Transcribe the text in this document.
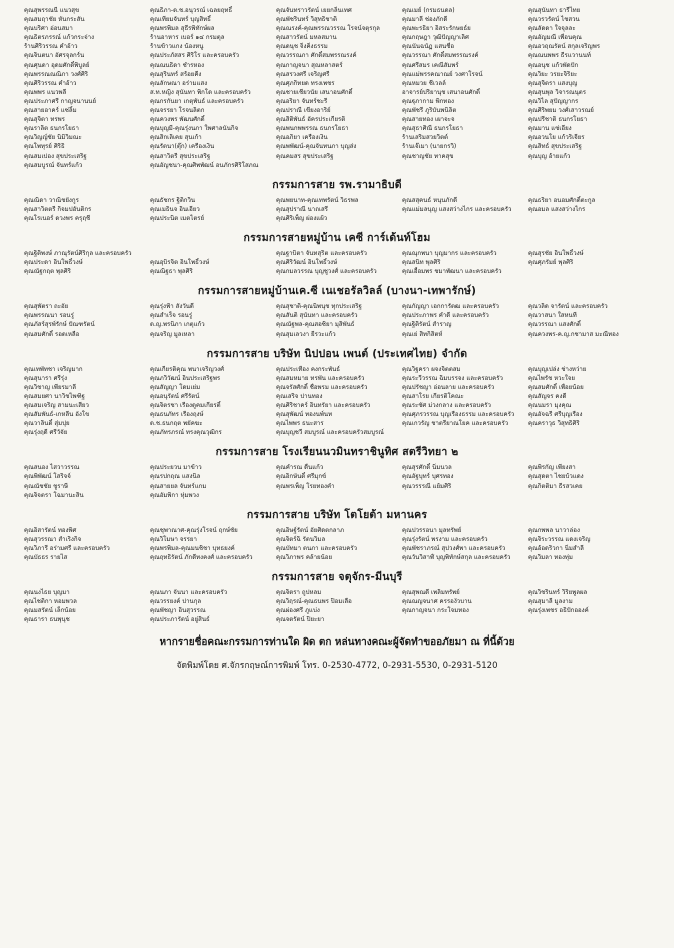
คุณสุพรรณนี แนวสุข	คุณธิภา-ด.ช.อนุวรณ์ เฉลยฤทธิ์	คุณจันทราวรัตน์ เยยกลิ่นเทศ	คุณเมย์ (กรมธนดล)	คุณสุนันทา ธารีไทย
คุณสมฤาชัย หันกระสัน	คุณเทียมจันทร์ บุญสิทธิ์	คุณพัชรินทร์ วิสุทธิชาติ	คุณมาลี ช่องภักดี	คุณวรวรัตน์ ไชสวน
คุณบริศา อ่อนสมา	คุณพรพิมล สุธีรพิทักษ์ผล	คุณณรงค์-คุณพรรณวรรณ โรจน์จตุรกุล	คุณพะรธิยา อิสระรักษยธ์ย	คุณลัดดา ใจจุลละ
คุณธิตรภรรณ์ แก้วกระจ่าง	ร้านอาหาร เบอร์ ๑๔ กรมตุล	คุณสาวรัตน์ มหลสมาน	คุณกฤษฎา วุฒิปัญญาเลิศ	คุณอัญมณี เพื่อนคุณ
ร้านศิริวรรณ คำอ้าว	ร้านข้าวแกง น้องหนู	คุณดนุช จิ๋งคิ่งธรรม	คุณนันฉนัฏ แสนชื่อ	คุณอวฤณรัตน์ สกุลเจริญพร
คุณจินตนา อัศรจุลกร์น	คุณประภัสสร ศิริโร และครอบครัว	คุณวรรณภา ศักดิ์สมพรรณรงค์	คุณวรรณา ศักดิ์สมพรรณรงค์	คุณณนพพร ธีรแวานนท์
คุณศุนดา อุดมศักดิ์พิบูลย์	คุณณนธิดา ชำรหอง	คุณกาญจนา สุณหลาสตร์	คุณศรีสมร เคณีสัมพร์	คุณอนุช แก้วพัดปัก
คุณพรรณณณิภา วงศ์ศิริ	คุณสุรินทร์ สร้อยคีง	คุณสรวงศรี เจริญศรี	คุณแม่พรรคณาณย์ วงศาโรจน์	คุณวิยะ วรยะจิริยะ
คุณศิริวรรณ คำอ้าว	คุณลักษณา อร่ามแสง	คุณศุภกิทยด ทรงเพชร	คุณหมวย ชีเวลล์	คุณสุจิตรา แสงบุญ
คุณพพร แนวพลี	ส.ท.หญิง สุนันทา พิกโด และครอบครัว	คุณชายเชียวนัย เสนาอนศักดิ์	อาจารย์ปริยานุช เสนาอนศักดิ์	คุณสุนพุล วิจารณนุตร
คุณประภาศรี กาญจนานนย์	คุณกรกันยา เกตุพันธ์ และครอบครัว	คุณอริยา จันทร์ชะรี	คุณฐุภากาม พิกทอง	คุณวิไล สุปัญญากร
คุณสายอาคร์ แซ่ลิ้ม	คุณจรรยา โรจนลิตก	คุณปราณี เขียงอาริย์	คุณพัชรี ภูริบันพนิลิต	คุณศิริพยม วงศ์เสาวรณย์
คุณสุจิตา ทรพร	คุณควงพร พัฒนศักดิ์	คุณสิติพันธ์ อัครประเกียรติ	คุณสายทอง เผาจะจ	คุณปรีชาติ ธนกรโยธา
คุณราลิต ธนกรโยธา	คุณบุญมี-คุณรุ่งนภา ใพศาลนันกิจ	คุณพนกพพรรณ ธนกรโยธา	คุณสุธาศิณี ธนกรโยธา	คุณมาน แซ่เอียง
คุณวิญญ์ชัย นิมิวิมณะ	คุณสิกเลิเคย สุนเก้า	คุณอภิยา เครืองเงิน	ร้านเสริมสวยวิตต์	คุณอวนโย แก้วริเจียร
คุณโพทุรย์ ศิริธิ	คุณรัตนา(ตุ๊ก) เครืองเงิน	คุณพพัฒน์-คุณจันทนภา บุญส่ง	ร้านเจ๊เมา (นายกรวิ)	คุณสิทธ์ สุขประเสริฐ
คุณสมเปอง สุขประเสริฐ	คุณสาวิตรี สุขประเสริฐ	คุณคมสร สุขประเสริฐ	คุณชาญชัย ทาคสุข	คุณบุญ อ้ายแก้ว
คุณสมบูรณ์ จันทร์แก้ว	คุณอัญชนา-คุณศิพพัฒน์ อนภักรศิริโสภณ
กรรมการสาย รพ.รามาธิบดี
คุณณิดา วาณิชยังกูร	คุณธัชกร ฐิติกวิน	คุณพยนาท-คุณเทพรัตน์ วิธรพล	คุณสสุคนธ์ หนุนภักดี	คุณธริยา อนอมศักดิ์ตะกูล
คุณสาวิตตรี กิจมปอันติกร	คุณเมธินจ อินเอียว	คุณสุปราณี นาถเสรี	คุณแม่มลนุญ แสงสว่างไกร และครอบครัว	คุณอมล แสงสว่างไกร
คุณโรเนอร์ ดวงพร ครุฤชี	คุณประนิต เมตไตรย์	คุณศิริเพ็ญ ผ่องแผ้ว
กรรมการสายหมู่บ้าน เคซี การ์เด้นท์โฮม
คุณฐิติพงษ์ ภาณุรัตน์ศิริกุล และครอบครัว	คุณฐาบิตา จันทสุริต และครอบครัว	คุณณุกพนา บุญมากร และครอบครัว	คุณสุรชัย อินโพธิ์วงษ์
คุณประดา อินโพธิ์วงษ์	คุณอุบิรจิต อินโพธิ์วงษ์	คุณศิริวัฒน์ อินโพธิ์วงษ์	คุณสนิท พุลศิริ	คุณศุภรัมย์ พุลศิริ
คุณณัฐกฤต พุลศิริ	คุณณิฐธา พุลศิริ	คุณกมลวรรณ บุญชูวงศ์ และครอบครัว	คุณเอื้อมพร ชมาพัฒนา และครอบครัว
กรรมการสายหมู่บ้านเค.ซี เนเชอรัลวิลล์ (บางนา-เทพารักษ์)
คุณสุพัตรา ถะอัย	คุณรุ่งฟ้า สังวันดี	คุณสุชาติ-คุณนิพนุช ทุกประเสริฐ	คุณกัญญา เอกการัตฒ และครอบครัว	คุณวลิด จารัตน์ และครอบครัว
คุณพรรณนา รอนรู่	คุณสำเร็จ รอนรู่	คุณสันติ สุนันทา และครอบครัว	คุณประภาพร คำดี และครอบครัว	คุณวาสนา ใสหนที
คุณภัสร์สุรพ์รักษ์ ปัณฑรัตน์	ด.ญ.พรนิภา เกตุแก้ว	คุณณัฐพล-คุณสอซิยา มุสิพันธ์	คุณฐิติรัตน์ สำราญ	คุณวรรณา แสงศักดิ์
คุณสมศักดิ์ รอดเหลือ	คุณจริญ มูลเหลา	คุณสุมเลวงา ยีรวะแก้ว	คุณเย่ สิทกิสิตห์	คุณควงพร-ค.ญ.กชามาส มะณีทอง
กรรมการสาย บริษัท นิปปอน เพนต์ (ประเทศไทย) จำกัด
คุณเทพัทชา เจริญมาก	คุณเกียรติคุณ พนาเจริญวงศ์	คุณประเทือง คงกระพันธ์	คุณวิฐครา ผจงจิตตสม	คุณบุญเปล่ง ช่างหว่าย
คุณสุนารา ศรีรุ่ง	คุณภวิวัฒน์ อินประเสริฐพร	คุณสมหมาย ทรพัน และครอบครัว	คุณระวีวรรณ ฉิมบรรจง และครอบครัว	คุณไพรัช หวะใจย
คุณวิชาญ เพียรมาลี	คุณสัญญา โดมเย่ม	คุณจรัสศักดิ์ ชื่อพรม และครอบครัว	คุณปรัชญา อ่อนลาย และครอบครัว	คุณสมศักดิ์ เพื่อยน้อย
คุณสมยศา นาวิชไพฑิฐ	คุณอนุรัตน์ ศรีรัตน์	คุณเสริจ ปานทอง	คุณสาโรย เกียรติโคณะ	คุณสัญจร คงดี
คุณสมเจริญ สามนะเสียว	คุณจิตรชา เรืองดูคมเกียรติ์	คุณศิริชาคร์ อินทรัยา และครอบครัว	คุณระชัศ ม่วงกลาง และครอบครัว	คุณนมรา มุงคุณ
คุณสัมพันธ์-เกหลีน อังโข	คุณธนภัทร เรืองฤงษ์	คุณสุพัฒน์ ทองนพ์นท	คุณศุภรวรรณ บุญเรืองธรรม และครอบครัว	คุณอัจฉรี ศรีบุญเรือง
คุณวาลินดิ์ สุ่มปุย	ด.ช.ธนกฤต พยัคฆะ	คุณไพพร ธนะสาร	คุณเกวรัญ ชาตรียาณโยค และครอบครัว	คุณคราวุธ วิสุทธิศิริ
คุณรุ่งฤดี ศรีวัจัย	คุณภัทรภรณ์ ทรงคุณวุฒิกร	คุณบุญชวี สมบูรณ์ และครอบครัวสมบูรณ์
กรรมการสาย โรงเรียนนวมินทราชินูทิศ สตรีวิทยา ๒
คุณสนอง ไสวาวรรณ	คุณประยวน มาข้าว	คุณคำรณ ดื่นแก้ว	คุณสุรศักดิ์ นิ่มนวล	คุณพิรกัญ เพียงสา
คุณพิพัฒน์ โสริจจ์	คุณรปกฤณ แสงนิล	คุณอิกษันดิ์ ศรีมุกข์	คุณอัฐบุทร์ บุศรทอง	คุณสุดตา ไชยบ้วแดง
คุณณัชชัย ชูราษี	คุณสายยล จันทร์แกม	คุณพรเพ็ญ โรยทองคำ	คุณวรรรณี แย้มศิริ	คุณกิตติมา ธีรสวเคย
คุณจิจตรา โฉมานะสิน	คุณอัมพิกา หุ่มพวง
กรรมการสาย บริษัท โตโยต้า มหานคร
คุณอิสารัตน์ ทองพิศ	คุณชุพาณาศ-คุณรุ่งโรจน์ ฤกษ์ชัย	คุณอิษฐ์รัตน์ อัยศิดตกลาภ	คุณปวรรอนา มุลทรัพย์	คุณกพพล นาวาล่อง
คุณสุวรรณา สำเริงกิจ	คุณวิโมษา จรรยา	คุณจิตร์ฉิ รัตนวิมล	คุณรุ่งรัตน์ พรงาม และครอบครัว	คุณจิระวรรณ แดงเจริญ
คุณวิภารี อร่ามศรี และครอบครัว	คุณพรพิมล-คุณมนชิชา บุทธยงค์	คุณบัทมา ตนภา และครอบครัว	คุณพัชราภรณ์ สุปวงศ์พา และครอบครัว	คุณอ้อดริวกา นิ่มสำลี
คุณบัธธร รายไส	คุณฤทธิรัตน์ ภักดีทงคงศ์ และครอบครัว	คุณวิภาพร คล้ายน้อย	คุณวันวิสาฬ์ บุญพิทักษ์สกุล และครอบครัว	คุณวิมลา ทองทุ่ม
กรรมการสาย จตุจักร-มีนบุรี
คุณนงไธย บุญมา	คุณนภา จันนา และครอบครัว	คุณจิตรา ถูปหลม	คุณสุพณดี เพลิมทรัพย์	คุณวิชรินทร์ วิริยพูลผล
คุณไชติกา หอมพวล	คุณวรรยงค์ ปานกุล	คุณวิฤรณ์-คุณธนพร ปิอมเลือ	คุณณญจนาศ ครรองัวบาน	คุณสุมาลี มูลงาม
คุณมสรัตน์ เล็กน้อย	คุณพัชญา อินสุวรรณ	คุณผ่องศรี ภูแบ่ง	คุณกาญจนา กระโจมทอง	คุณรุ่งเพชร อธิปักอองค์
คุณธารา ธนพุนุช	คุณประภารัตน์ อยู่สินธ์	คุณจตรัตน์ ปิยะยา
หากรายชื่อคณะกรรมการท่านใด ผิด ตก หล่นทางคณะผู้จัดทำขออภัยมา ณ ที่นี้ด้วย
จัดพิมพ์โดย ศ.จักรกฤษณ์การพิมพ์ โทร. 0-2530-4772, 0-2931-5530, 0-2931-5120
